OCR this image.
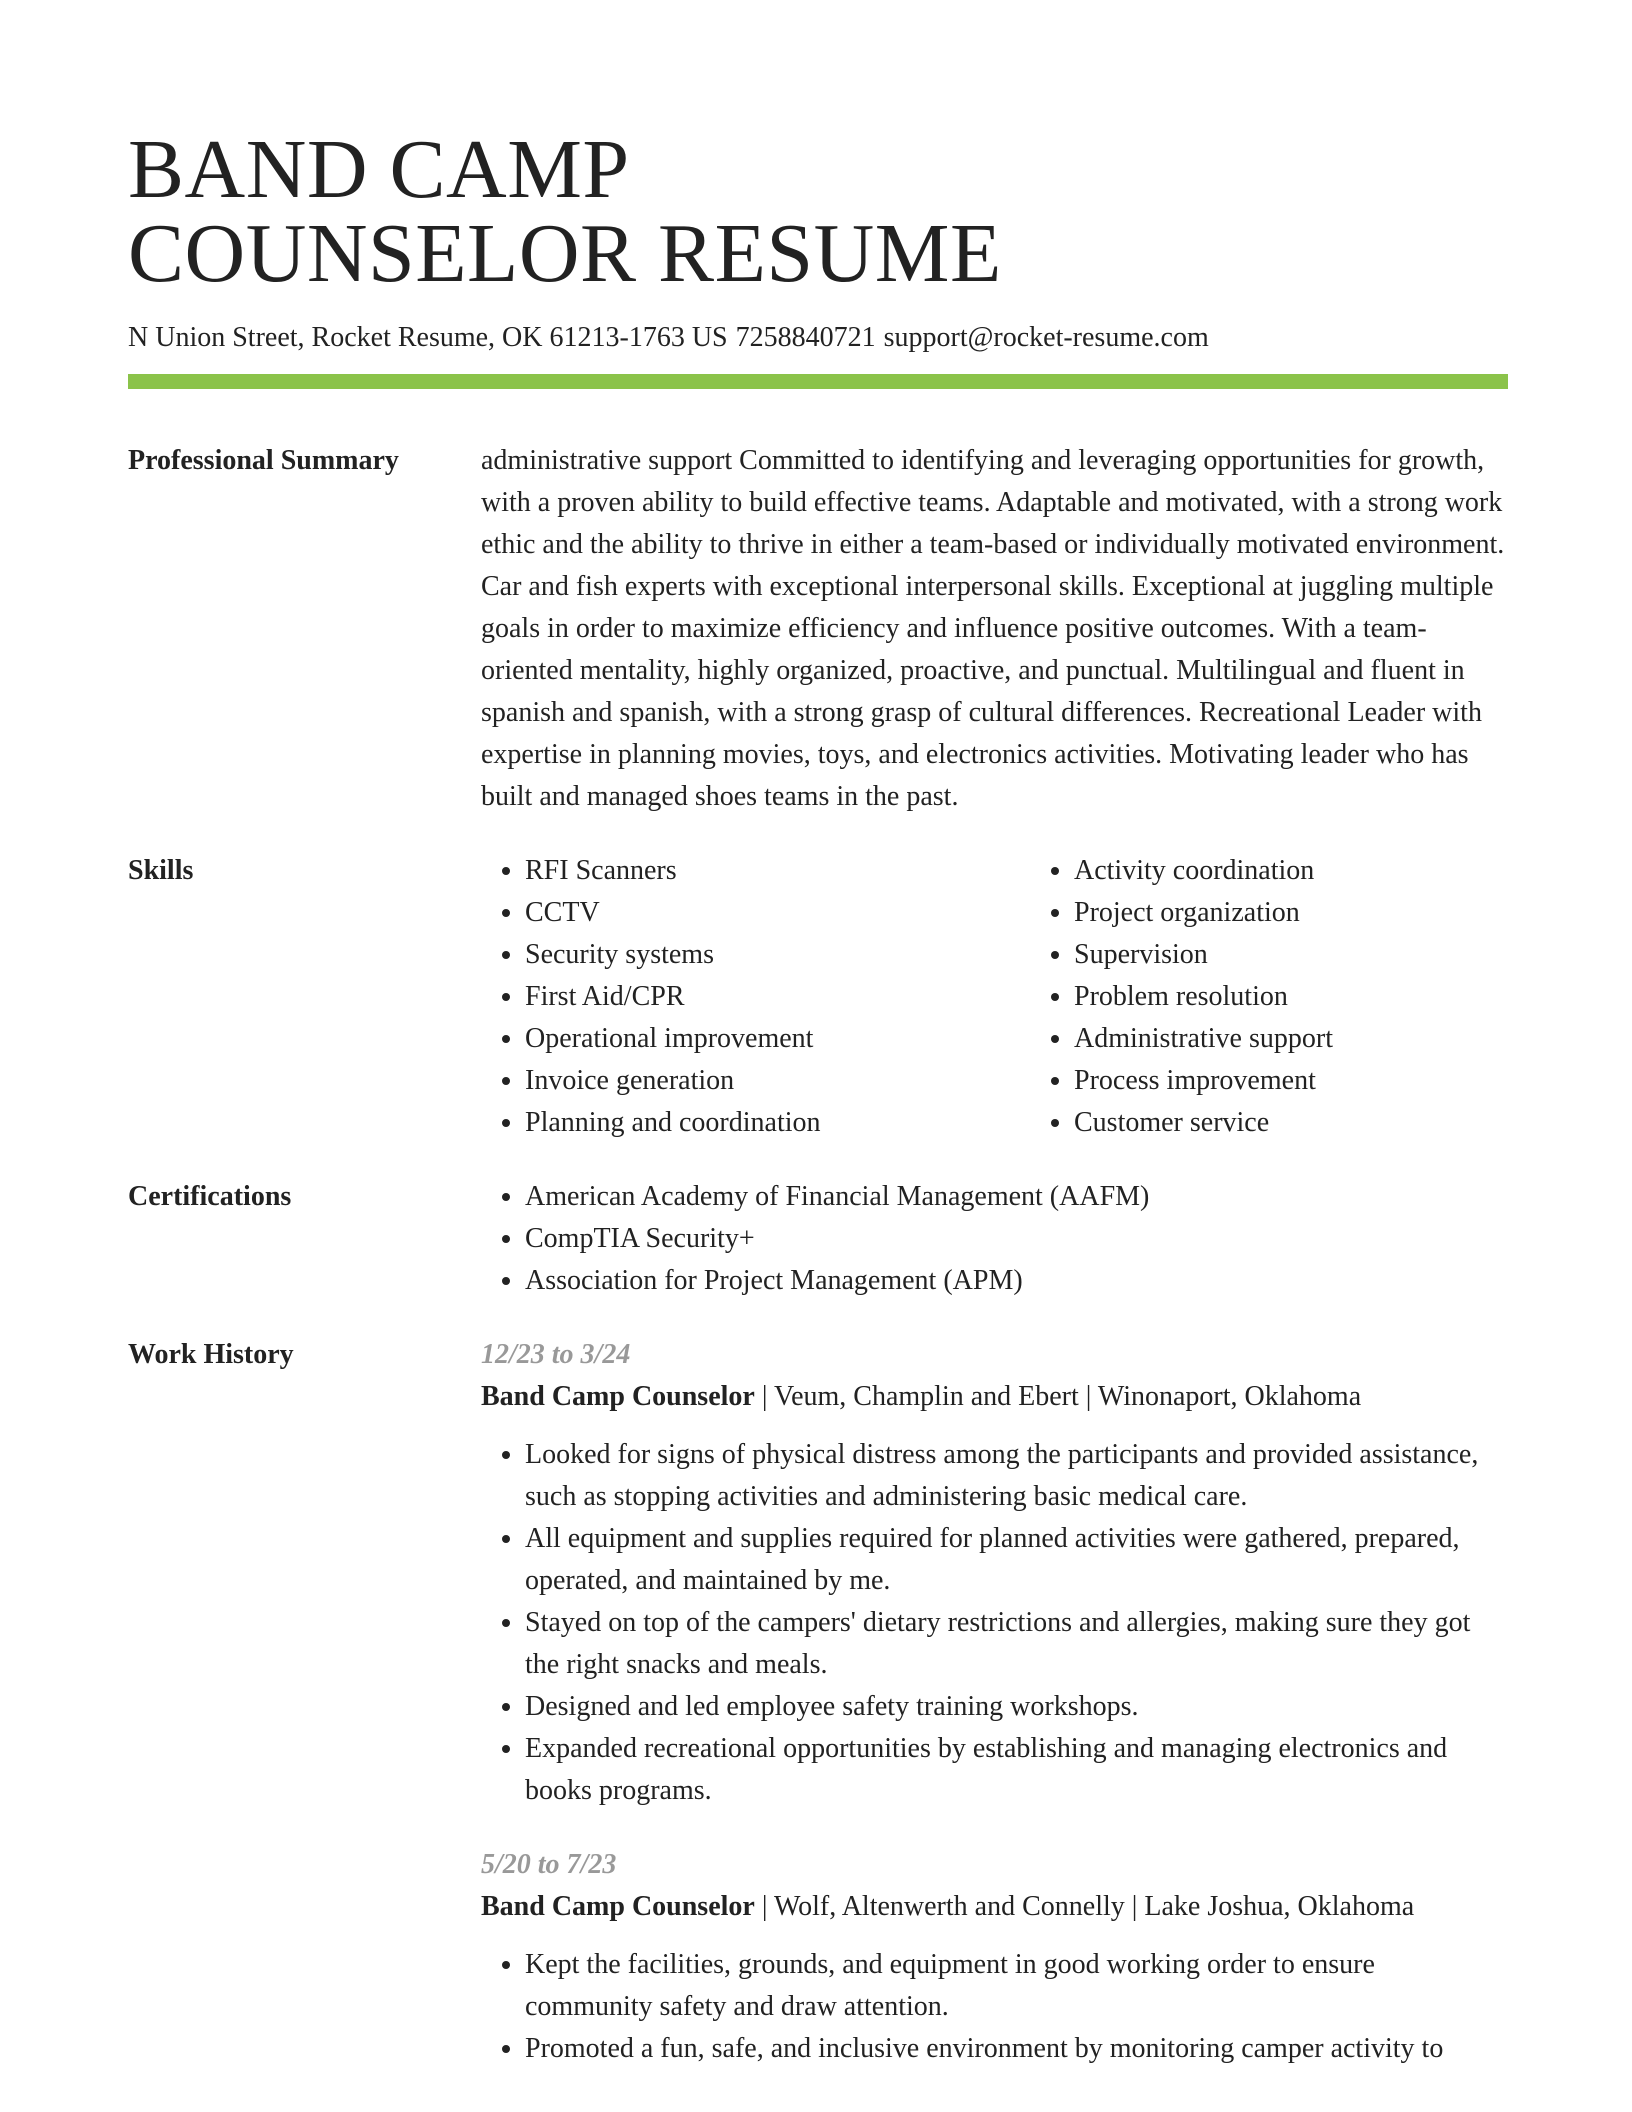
BAND CAMP
COUNSELOR RESUME
N Union Street, Rocket Resume, OK 61213-1763 US 7258840721 support@rocket-resume.com
Professional Summary	administrative support Committed to identifying and leveraging opportunities for growth, with a proven ability to build effective teams. Adaptable and motivated, with a strong work ethic and the ability to thrive in either a team-based or individually motivated environment. Car and fish experts with exceptional interpersonal skills. Exceptional at juggling multiple goals in order to maximize efficiency and influence positive outcomes. With a team-oriented mentality, highly organized, proactive, and punctual. Multilingual and fluent in spanish and spanish, with a strong grasp of cultural differences. Recreational Leader with expertise in planning movies, toys, and electronics activities. Motivating leader who has built and managed shoes teams in the past.
Skills	• RFI Scanners
• CCTV
• Security systems
• First Aid/CPR
• Operational improvement
• Invoice generation
• Planning and coordination
• Activity coordination
• Project organization
• Supervision
• Problem resolution
• Administrative support
• Process improvement
• Customer service
Certifications	• American Academy of Financial Management (AAFM)
• CompTIA Security+
• Association for Project Management (APM)
Work History	12/23 to 3/24
Band Camp Counselor | Veum, Champlin and Ebert | Winonaport, Oklahoma
• Looked for signs of physical distress among the participants and provided assistance, such as stopping activities and administering basic medical care.
• All equipment and supplies required for planned activities were gathered, prepared, operated, and maintained by me.
• Stayed on top of the campers' dietary restrictions and allergies, making sure they got the right snacks and meals.
• Designed and led employee safety training workshops.
• Expanded recreational opportunities by establishing and managing electronics and books programs.
5/20 to 7/23
Band Camp Counselor | Wolf, Altenwerth and Connelly | Lake Joshua, Oklahoma
• Kept the facilities, grounds, and equipment in good working order to ensure community safety and draw attention.
• Promoted a fun, safe, and inclusive environment by monitoring camper activity to
